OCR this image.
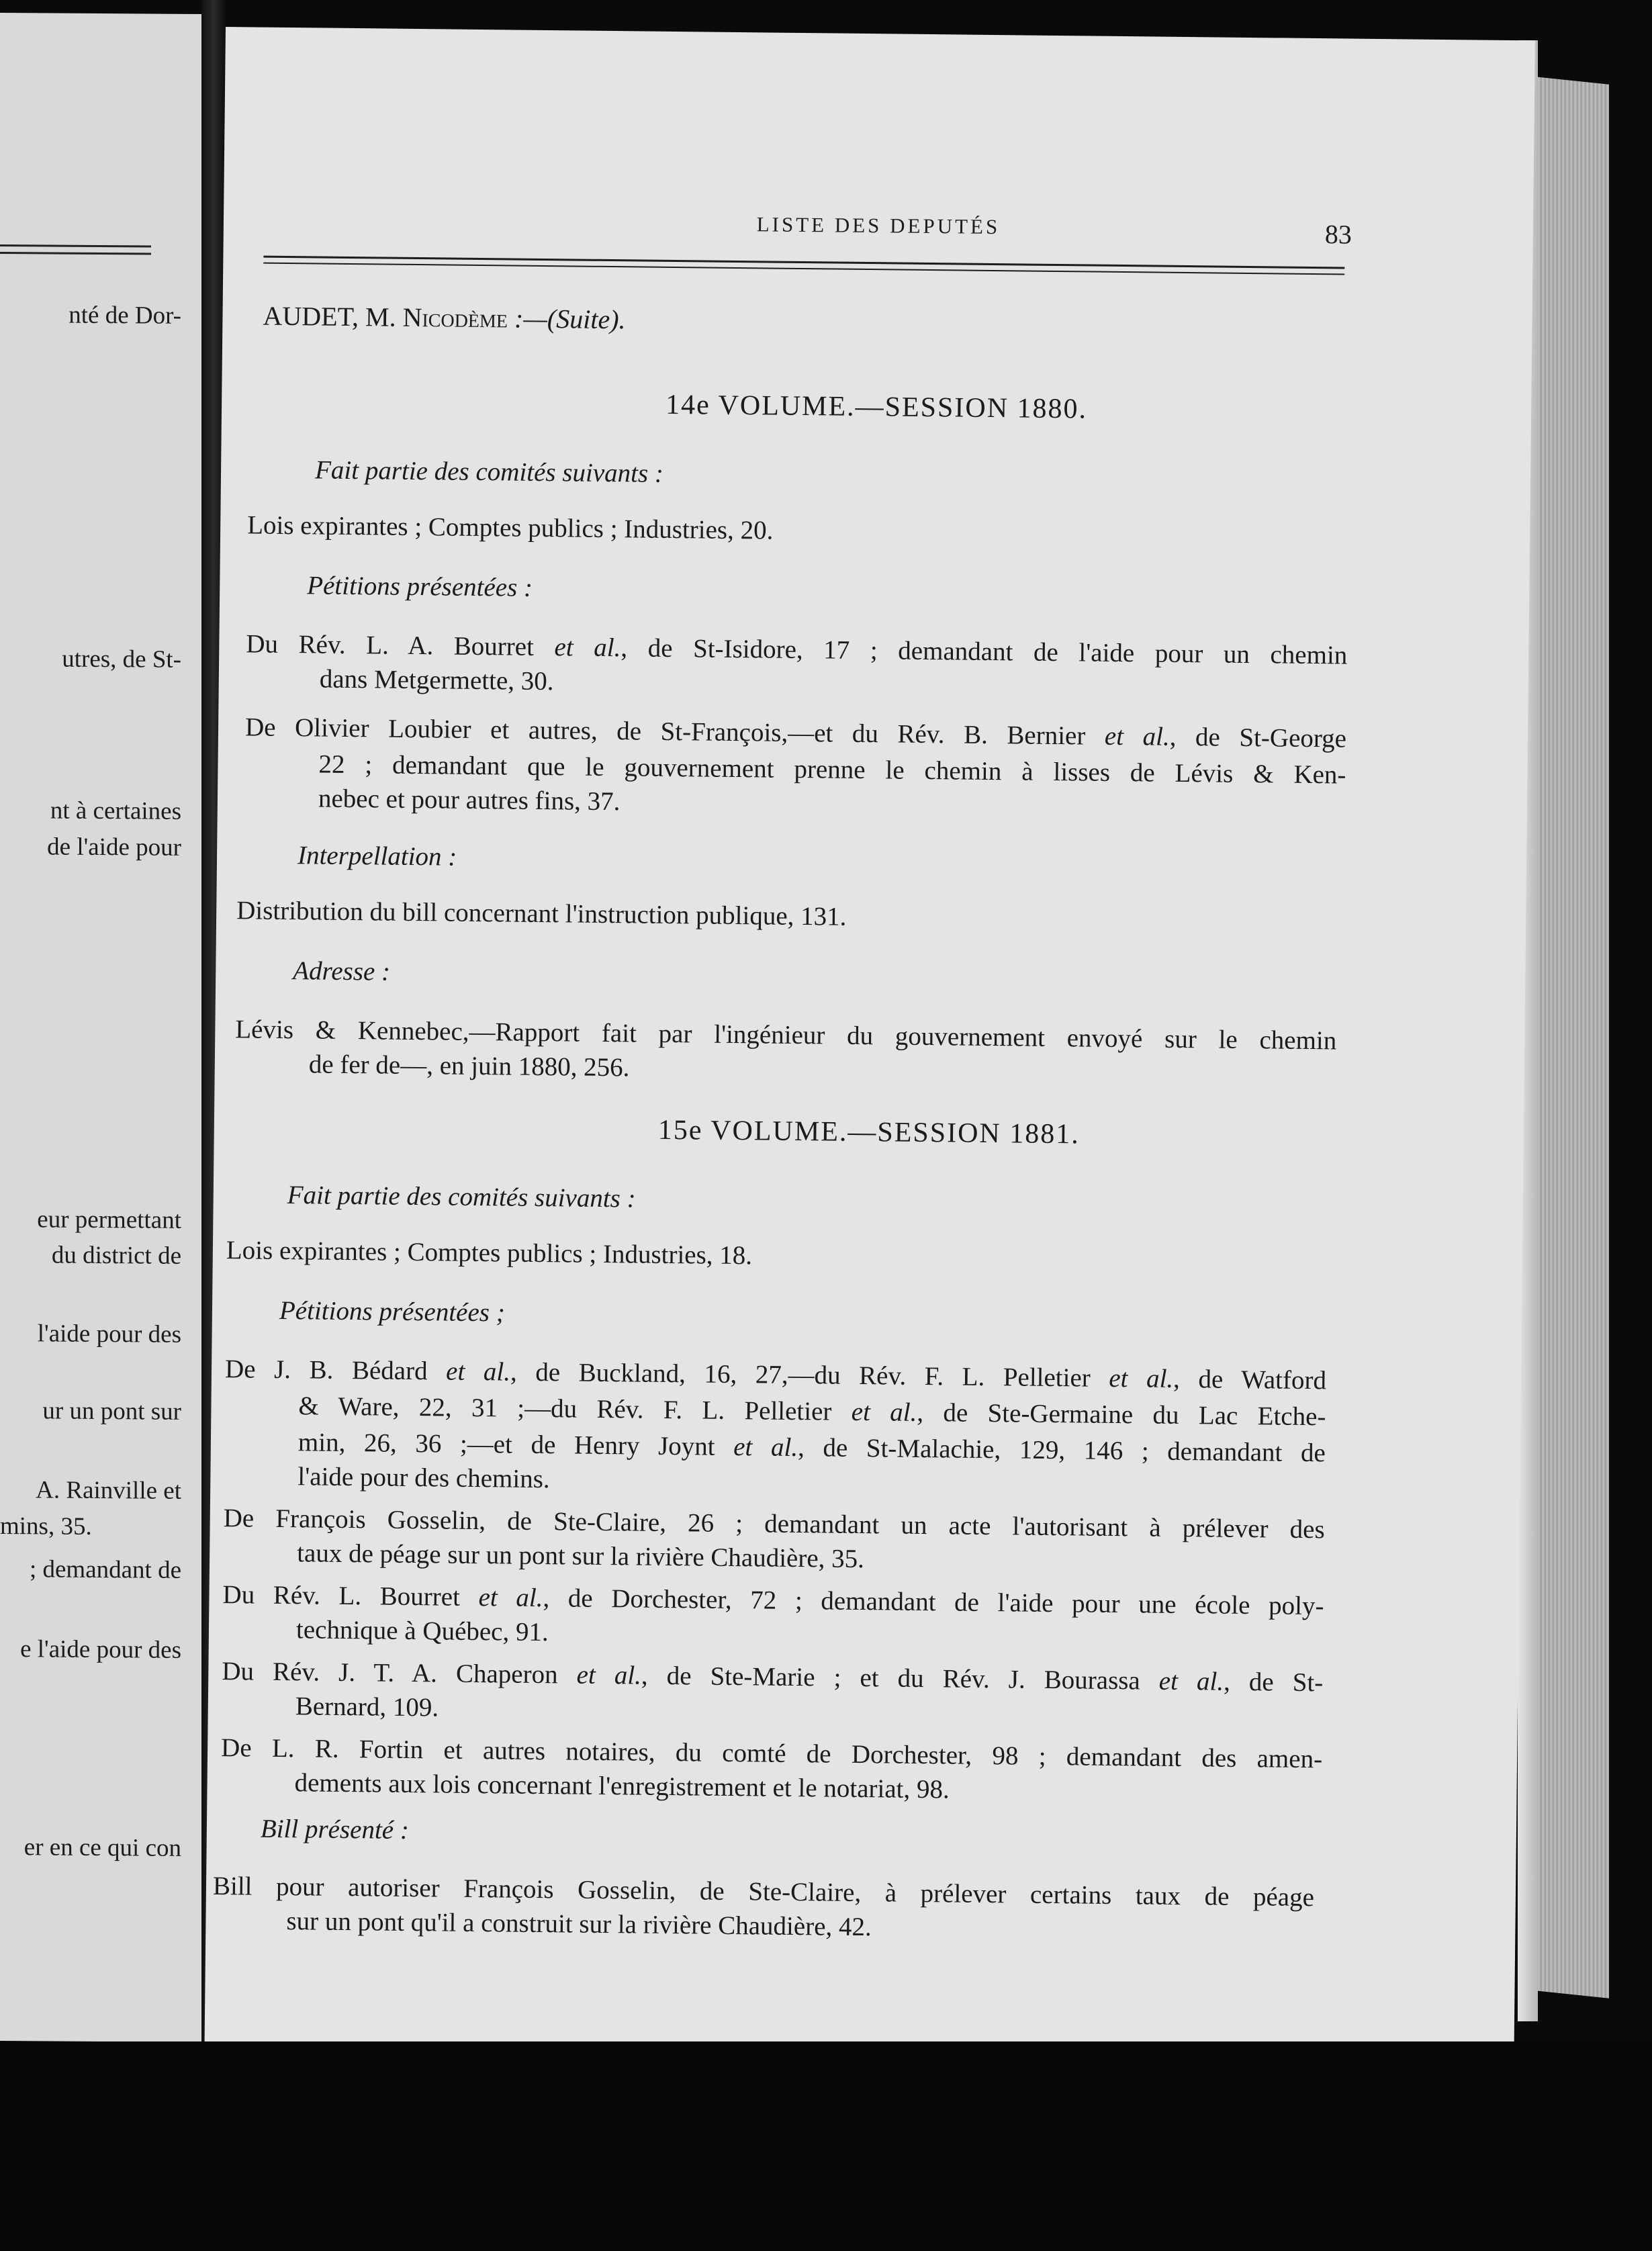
nté de Dor-
utres, de St-
nt à certaines
de l'aide pour
eur permettant
du district de
l'aide pour des
ur un pont sur
A. Rainville et
mins, 35.
; demandant de
e l'aide pour des
er en ce qui con
LISTE DES DEPUTÉS	83
AUDET, M. Nicodème :—(Suite).
14e VOLUME.—SESSION 1880.
Fait partie des comités suivants :
Lois expirantes ; Comptes publics ; Industries, 20.
Pétitions présentées :
Du Rév. L. A. Bourret et al., de St-Isidore, 17 ; demandant de l'aide pour un chemin
dans Metgermette, 30.
De Olivier Loubier et autres, de St-François,—et du Rév. B. Bernier et al., de St-George
22 ; demandant que le gouvernement prenne le chemin à lisses de Lévis & Ken-
nebec et pour autres fins, 37.
Interpellation :
Distribution du bill concernant l'instruction publique, 131.
Adresse :
Lévis & Kennebec,—Rapport fait par l'ingénieur du gouvernement envoyé sur le chemin
de fer de—, en juin 1880, 256.
15e VOLUME.—SESSION 1881.
Fait partie des comités suivants :
Lois expirantes ; Comptes publics ; Industries, 18.
Pétitions présentées ;
De J. B. Bédard et al., de Buckland, 16, 27,—du Rév. F. L. Pelletier et al., de Watford
& Ware, 22, 31 ;—du Rév. F. L. Pelletier et al., de Ste-Germaine du Lac Etche-
min, 26, 36 ;—et de Henry Joynt et al., de St-Malachie, 129, 146 ; demandant de
l'aide pour des chemins.
De François Gosselin, de Ste-Claire, 26 ; demandant un acte l'autorisant à prélever des
taux de péage sur un pont sur la rivière Chaudière, 35.
Du Rév. L. Bourret et al., de Dorchester, 72 ; demandant de l'aide pour une école poly-
technique à Québec, 91.
Du Rév. J. T. A. Chaperon et al., de Ste-Marie ; et du Rév. J. Bourassa et al., de St-
Bernard, 109.
De L. R. Fortin et autres notaires, du comté de Dorchester, 98 ; demandant des amen-
dements aux lois concernant l'enregistrement et le notariat, 98.
Bill présenté :
Bill pour autoriser François Gosselin, de Ste-Claire, à prélever certains taux de péage
sur un pont qu'il a construit sur la rivière Chaudière, 42.
